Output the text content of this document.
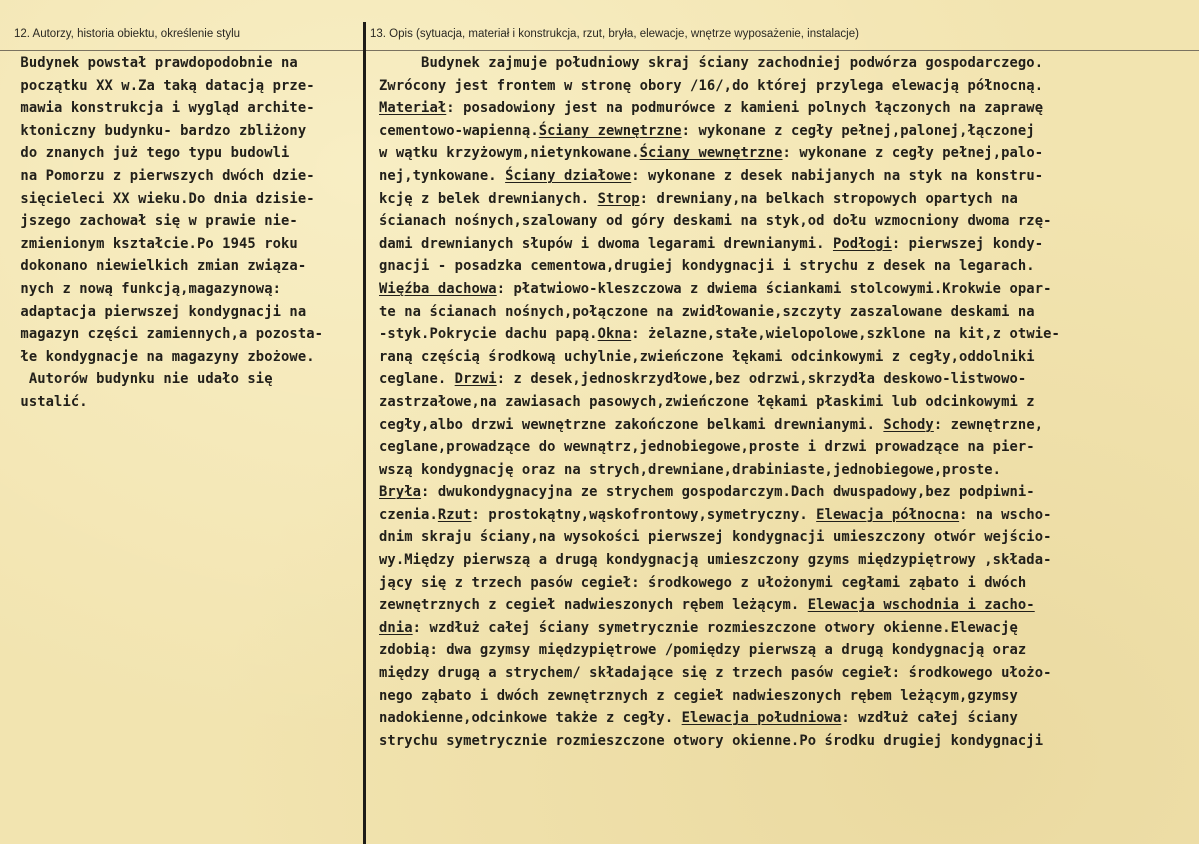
12. Autorzy, historia obiektu, określenie stylu	13. Opis (sytuacja, materiał i konstrukcja, rzut, bryła, elewacje, wnętrze wyposażenie, instalacje)
Budynek powstał prawdopodobnie na
początku XX w.Za taką datacją prze-
mawia konstrukcja i wygląd archite-
ktoniczny budynku- bardzo zbliżony
do znanych już tego typu budowli
na Pomorzu z pierwszych dwóch dzie-
sięcieleci XX wieku.Do dnia dzisie-
jszego zachował się w prawie nie-
zmienionym kształcie.Po 1945 roku
dokonano niewielkich zmian związa-
nych z nową funkcją,magazynową:
adaptacja pierwszej kondygnacji na
magazyn części zamiennych,a pozosta-
łe kondygnacje na magazyny zbożowe.
Autorów budynku nie udało się
ustalić.
Budynek zajmuje południowy skraj ściany zachodniej podwórza gospodarczego.
Zwrócony jest frontem w stronę obory /16/,do której przylega elewacją północną.
Materiał: posadowiony jest na podmurówce z kamieni polnych łączonych na zaprawę
cementowo-wapienną.Ściany zewnętrzne: wykonane z cegły pełnej,palonej,łączonej
w wątku krzyżowym,nietynkowane.Ściany wewnętrzne: wykonane z cegły pełnej,palo-
nej,tynkowane. Ściany działowe: wykonane z desek nabijanych na styk na konstru-
kcję z belek drewnianych. Strop: drewniany,na belkach stropowych opartych na
ścianach nośnych,szalowany od góry deskami na styk,od dołu wzmocniony dwoma rzę-
dami drewnianych słupów i dwoma legarami drewnianymi. Podłogi: pierwszej kondy-
gnacji - posadzka cementowa,drugiej kondygnacji i strychu z desek na legarach.
Więźba dachowa: płatwiowo-kleszczowa z dwiema ściankami stolcowymi.Krokwie opar-
te na ścianach nośnych,połączone na zwidłowanie,szczyty zaszalowane deskami na
-styk.Pokrycie dachu papą.Okna: żelazne,stałe,wielopolowe,szklone na kit,z otwie-
raną częścią środkową uchylnie,zwieńczone łękami odcinkowymi z cegły,oddolniki
ceglane. Drzwi: z desek,jednoskrzydłowe,bez odrzwi,skrzydła deskowo-listwowo-
zastrzałowe,na zawiasach pasowych,zwieńczone łękami płaskimi lub odcinkowymi z
cegły,albo drzwi wewnętrzne zakończone belkami drewnianymi. Schody: zewnętrzne,
ceglane,prowadzące do wewnątrz,jednobiegowe,proste i drzwi prowadzące na pier-
wszą kondygnację oraz na strych,drewniane,drabiniaste,jednobiegowe,proste.
Bryła: dwukondygnacyjna ze strychem gospodarczym.Dach dwuspadowy,bez podpiwni-
czenia.Rzut: prostokątny,wąskofrontowy,symetryczny. Elewacja północna: na wscho-
dnim skraju ściany,na wysokości pierwszej kondygnacji umieszczony otwór wejścio-
wy.Między pierwszą a drugą kondygnacją umieszczony gzyms międzypiętrowy ,składa-
jący się z trzech pasów cegieł: środkowego z ułożonymi cegłami ząbato i dwóch
zewnętrznych z cegieł nadwieszonych rębem leżącym. Elewacja wschodnia i zacho-
dnia: wzdłuż całej ściany symetrycznie rozmieszczone otwory okienne.Elewację
zdobią: dwa gzymsy międzypiętrowe /pomiędzy pierwszą a drugą kondygnacją oraz
między drugą a strychem/ składające się z trzech pasów cegieł: środkowego ułożo-
nego ząbato i dwóch zewnętrznych z cegieł nadwieszonych rębem leżącym,gzymsy
nadokienne,odcinkowe także z cegły. Elewacja południowa: wzdłuż całej ściany
strychu symetrycznie rozmieszczone otwory okienne.Po środku drugiej kondygnacji
